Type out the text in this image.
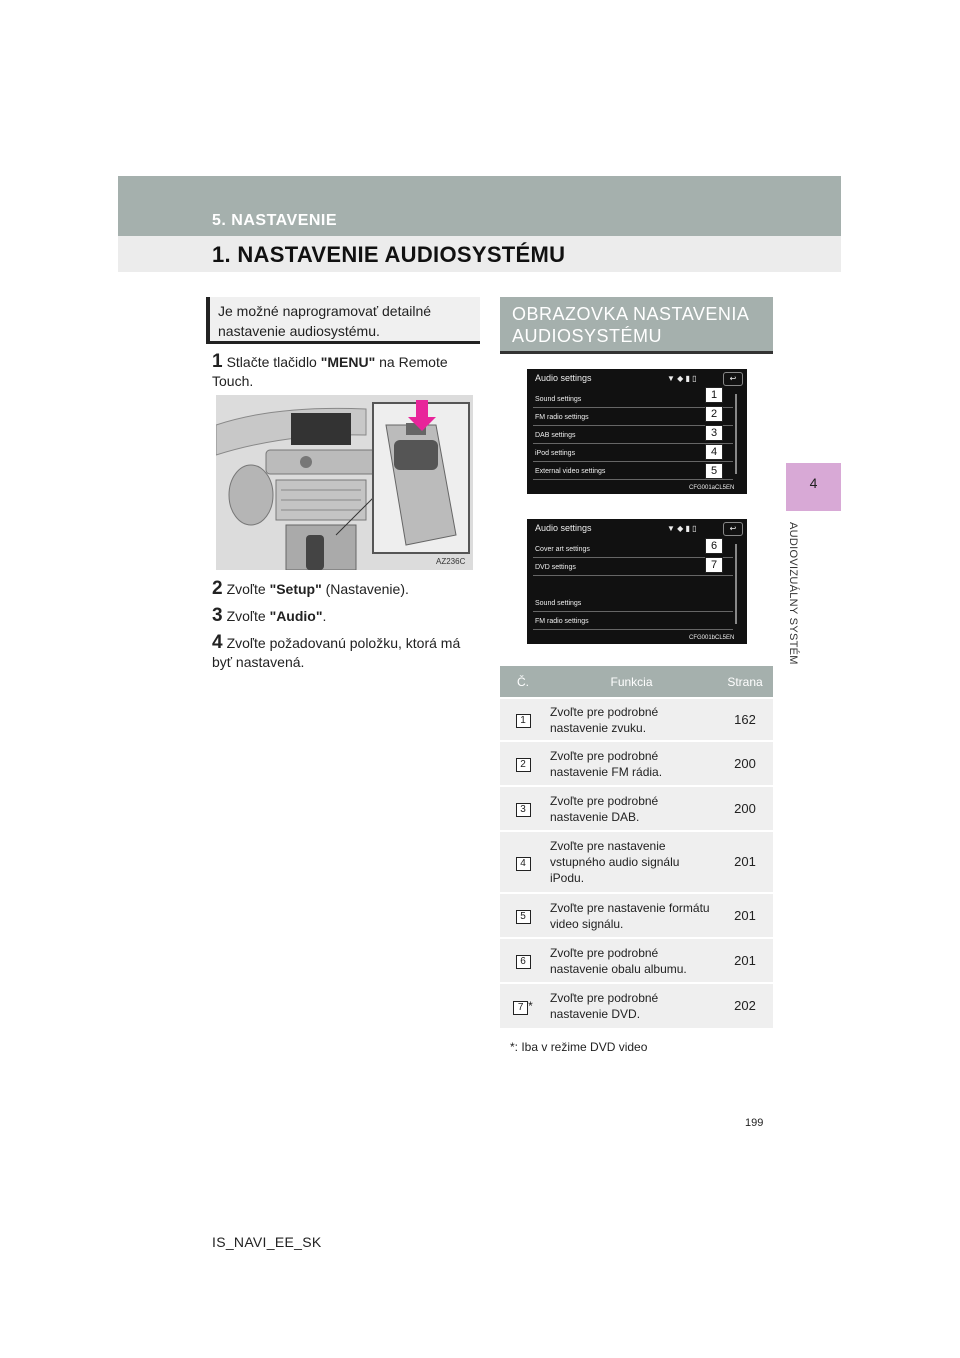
5. NASTAVENIE
1. NASTAVENIE AUDIOSYSTÉMU
4
AUDIOVIZUÁLNY SYSTÉM
Je možné naprogramovať detailné nastavenie audiosystému.
1 Stlačte tlačidlo "MENU" na Remote Touch.
AZ236C
2 Zvoľte "Setup" (Nastavenie).
3 Zvoľte "Audio".
4 Zvoľte požadovanú položku, ktorá má byť nastavená.
OBRAZOVKA NASTAVENIA AUDIOSYSTÉMU
Audio settings	▼ ◆ ▮ ▯	↩
Sound settings
FM radio settings
DAB settings
iPod settings
External video settings
1
2
3
4
5
CFG001aCL5EN
Audio settings	▼ ◆ ▮ ▯	↩
Cover art settings
DVD settings
Sound settings
FM radio settings
6
7
CFG001bCL5EN
Č.	Funkcia	Strana
1	Zvoľte pre podrobné nastavenie zvuku.	162
2	Zvoľte pre podrobné nastavenie FM rádia.	200
3	Zvoľte pre podrobné nastavenie DAB.	200
4	Zvoľte pre nastavenie vstupného audio signálu iPodu.	201
5	Zvoľte pre nastavenie formátu video signálu.	201
6	Zvoľte pre podrobné nastavenie obalu albumu.	201
7 *	Zvoľte pre podrobné nastavenie DVD.	202
*: Iba v režime DVD video
199
IS_NAVI_EE_SK
